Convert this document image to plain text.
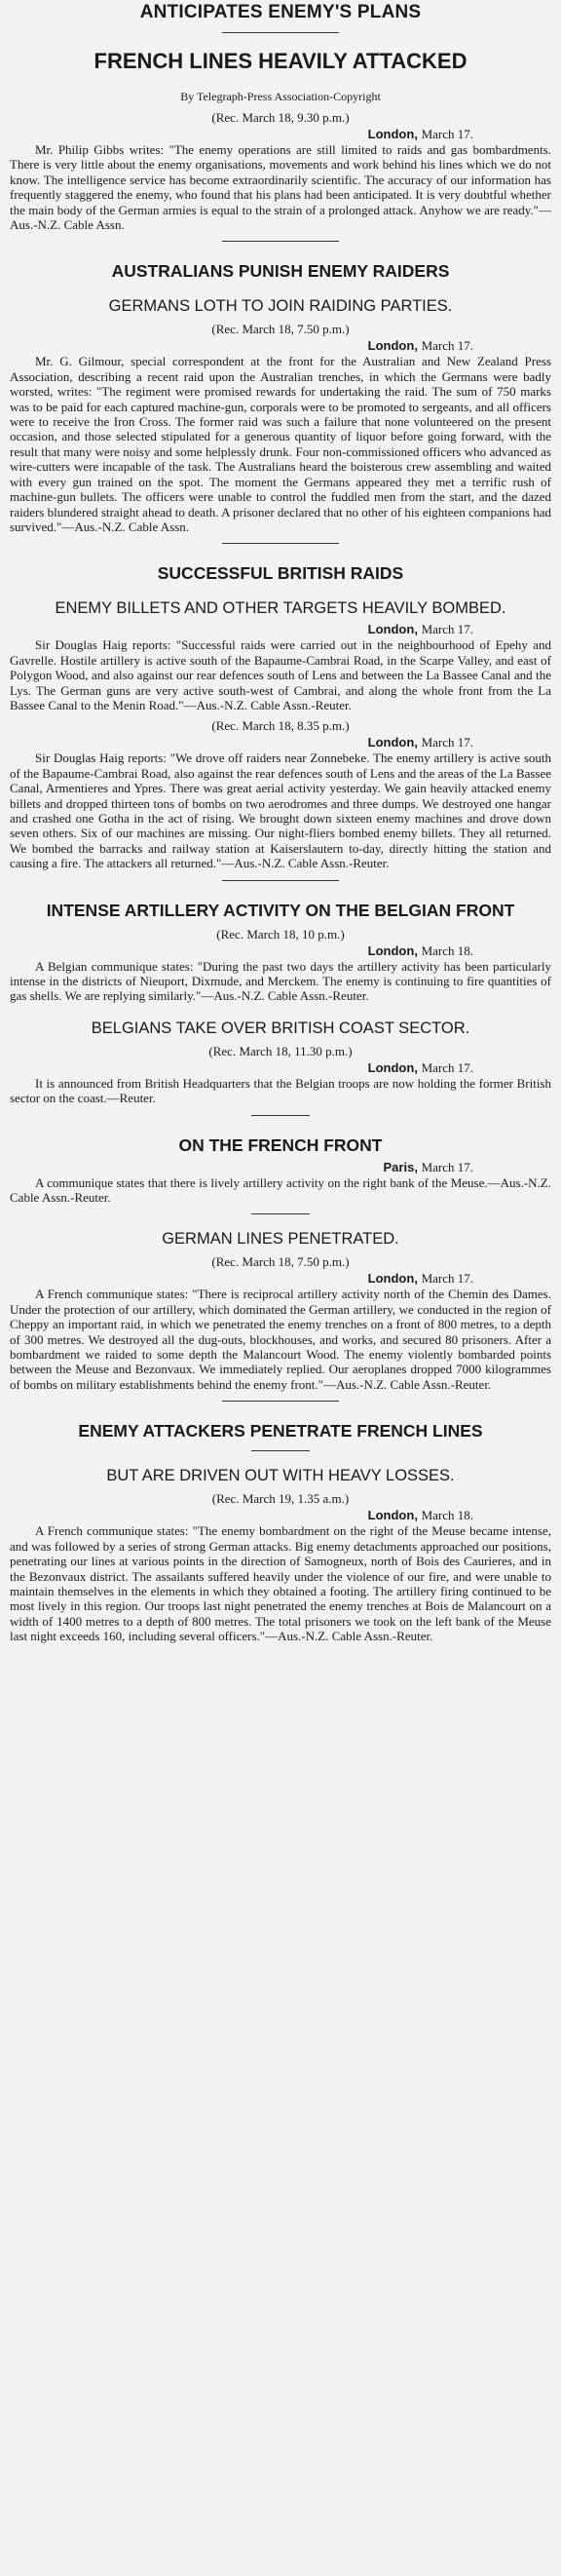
ANTICIPATES ENEMY'S PLANS
FRENCH LINES HEAVILY ATTACKED
By Telegraph-Press Association-Copyright
(Rec. March 18, 9.30 p.m.)
London, March 17.

Mr. Philip Gibbs writes: "The enemy operations are still limited to raids and gas bombardments. There is very little about the enemy organisations, movements and work behind his lines which we do not know. The intelligence service has become extraordinarily scientific. The accuracy of our information has frequently staggered the enemy, who found that his plans had been anticipated. It is very doubtful whether the main body of the German armies is equal to the strain of a prolonged attack. Anyhow we are ready."—Aus.-N.Z. Cable Assn.

AUSTRALIANS PUNISH ENEMY RAIDERS
GERMANS LOTH TO JOIN RAIDING PARTIES.
(Rec. March 18, 7.50 p.m.)
London, March 17.

Mr. G. Gilmour, special correspondent at the front for the Australian and New Zealand Press Association, describing a recent raid upon the Australian trenches, in which the Germans were badly worsted, writes: "The regiment were promised rewards for undertaking the raid. The sum of 750 marks was to be paid for each captured machine-gun, corporals were to be promoted to sergeants, and all officers were to receive the Iron Cross. The former raid was such a failure that none volunteered on the present occasion, and those selected stipulated for a generous quantity of liquor before going forward, with the result that many were noisy and some helplessly drunk. Four non-commissioned officers who advanced as wire-cutters were incapable of the task. The Australians heard the boisterous crew assembling and waited with every gun trained on the spot. The moment the Germans appeared they met a terrific rush of machine-gun bullets. The officers were unable to control the fuddled men from the start, and the dazed raiders blundered straight ahead to death. A prisoner declared that no other of his eighteen companions had survived."—Aus.-N.Z. Cable Assn.

SUCCESSFUL BRITISH RAIDS
ENEMY BILLETS AND OTHER TARGETS HEAVILY BOMBED.
London, March 17.

Sir Douglas Haig reports: "Successful raids were carried out in the neighbourhood of Epehy and Gavrelle. Hostile artillery is active south of the Bapaume-Cambrai Road, in the Scarpe Valley, and east of Polygon Wood, and also against our rear defences south of Lens and between the La Bassee Canal and the Lys. The German guns are very active south-west of Cambrai, and along the whole front from the La Bassee Canal to the Menin Road."—Aus.-N.Z. Cable Assn.-Reuter.

(Rec. March 18, 8.35 p.m.)
London, March 17.

Sir Douglas Haig reports: "We drove off raiders near Zonnebeke. The enemy artillery is active south of the Bapaume-Cambrai Road, also against the rear defences south of Lens and the areas of the La Bassee Canal, Armentieres and Ypres. There was great aerial activity yesterday. We gain heavily attacked enemy billets and dropped thirteen tons of bombs on two aerodromes and three dumps. We destroyed one hangar and crashed one Gotha in the act of rising. We brought down sixteen enemy machines and drove down seven others. Six of our machines are missing. Our night-fliers bombed enemy billets. They all returned. We bombed the barracks and railway station at Kaiserslautern to-day, directly hitting the station and causing a fire. The attackers all returned."—Aus.-N.Z. Cable Assn.-Reuter.

INTENSE ARTILLERY ACTIVITY ON THE BELGIAN FRONT
(Rec. March 18, 10 p.m.)
London, March 18.

A Belgian communique states: "During the past two days the artillery activity has been particularly intense in the districts of Nieuport, Dixmude, and Merckem. The enemy is continuing to fire quantities of gas shells. We are replying similarly."—Aus.-N.Z. Cable Assn.-Reuter.

BELGIANS TAKE OVER BRITISH COAST SECTOR.
(Rec. March 18, 11.30 p.m.)
London, March 17.

It is announced from British Headquarters that the Belgian troops are now holding the former British sector on the coast.—Reuter.

ON THE FRENCH FRONT
Paris, March 17.

A communique states that there is lively artillery activity on the right bank of the Meuse.—Aus.-N.Z. Cable Assn.-Reuter.

GERMAN LINES PENETRATED.
(Rec. March 18, 7.50 p.m.)
London, March 17.

A French communique states: "There is reciprocal artillery activity north of the Chemin des Dames. Under the protection of our artillery, which dominated the German artillery, we conducted in the region of Cheppy an important raid, in which we penetrated the enemy trenches on a front of 800 metres, to a depth of 300 metres. We destroyed all the dug-outs, blockhouses, and works, and secured 80 prisoners. After a bombardment we raided to some depth the Malancourt Wood. The enemy violently bombarded points between the Meuse and Bezonvaux. We immediately replied. Our aeroplanes dropped 7000 kilogrammes of bombs on military establishments behind the enemy front."—Aus.-N.Z. Cable Assn.-Reuter.

ENEMY ATTACKERS PENETRATE FRENCH LINES
BUT ARE DRIVEN OUT WITH HEAVY LOSSES.
(Rec. March 19, 1.35 a.m.)
London, March 18.

A French communique states: "The enemy bombardment on the right of the Meuse became intense, and was followed by a series of strong German attacks. Big enemy detachments approached our positions, penetrating our lines at various points in the direction of Samogneux, north of Bois des Caurieres, and in the Bezonvaux district. The assailants suffered heavily under the violence of our fire, and were unable to maintain themselves in the elements in which they obtained a footing. The artillery firing continued to be most lively in this region. Our troops last night penetrated the enemy trenches at Bois de Malancourt on a width of 1400 metres to a depth of 800 metres. The total prisoners we took on the left bank of the Meuse last night exceeds 160, including several officers."—Aus.-N.Z. Cable Assn.-Reuter.
